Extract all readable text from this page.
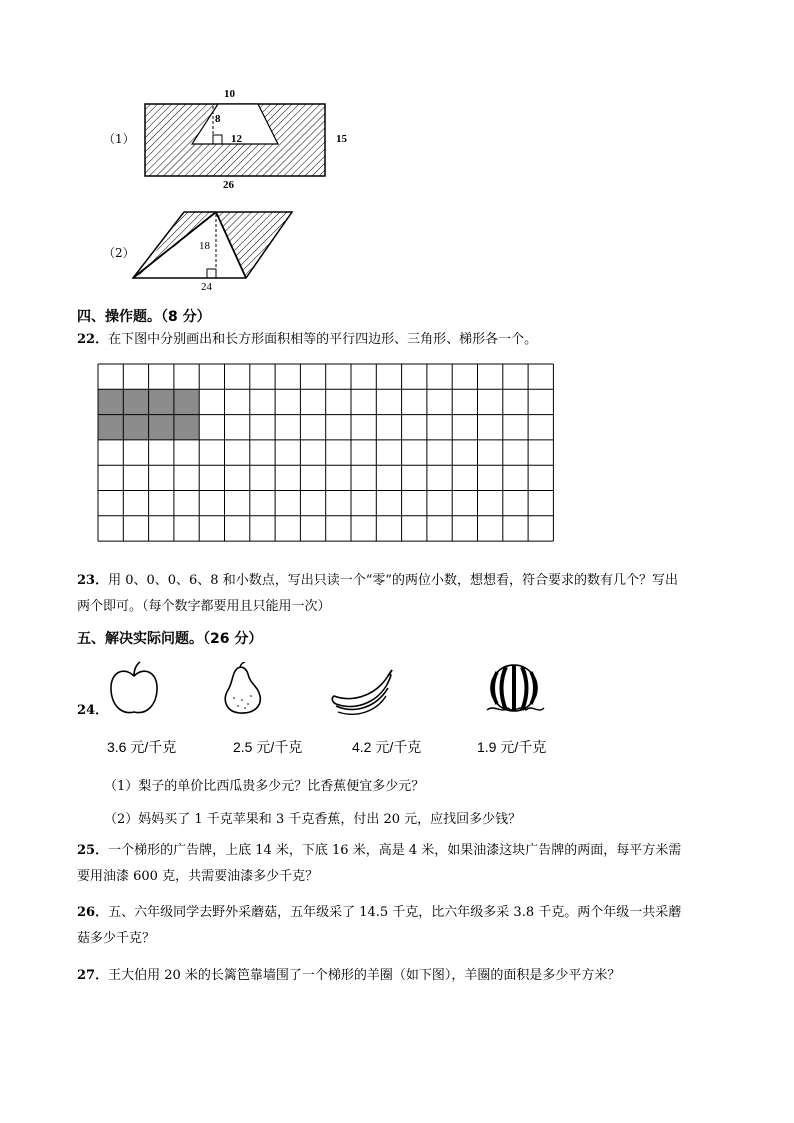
（1）
10
8
12	15
26
（2）	18
24
四、操作题。（8 分）
22．在下图中分别画出和长方形面积相等的平行四边形、三角形、梯形各一个。
23．用 0、0、0、6、8 和小数点，写出只读一个“零”的两位小数，想想看，符合要求的数有几个？写出
两个即可。（每个数字都要用且只能用一次）
五、解决实际问题。（26 分）
24．
3.6 元/千克	2.5 元/千克	4.2 元/千克	1.9 元/千克
（1）梨子的单价比西瓜贵多少元？比香蕉便宜多少元？
（2）妈妈买了 1 千克苹果和 3 千克香蕉，付出 20 元，应找回多少钱？
25．一个梯形的广告牌，上底 14 米，下底 16 米，高是 4 米，如果油漆这块广告牌的两面，每平方米需
要用油漆 600 克，共需要油漆多少千克？
26．五、六年级同学去野外采蘑菇，五年级采了 14.5 千克，比六年级多采 3.8 千克。两个年级一共采蘑
菇多少千克？
27．王大伯用 20 米的长篱笆靠墙围了一个梯形的羊圈（如下图），羊圈的面积是多少平方米？
